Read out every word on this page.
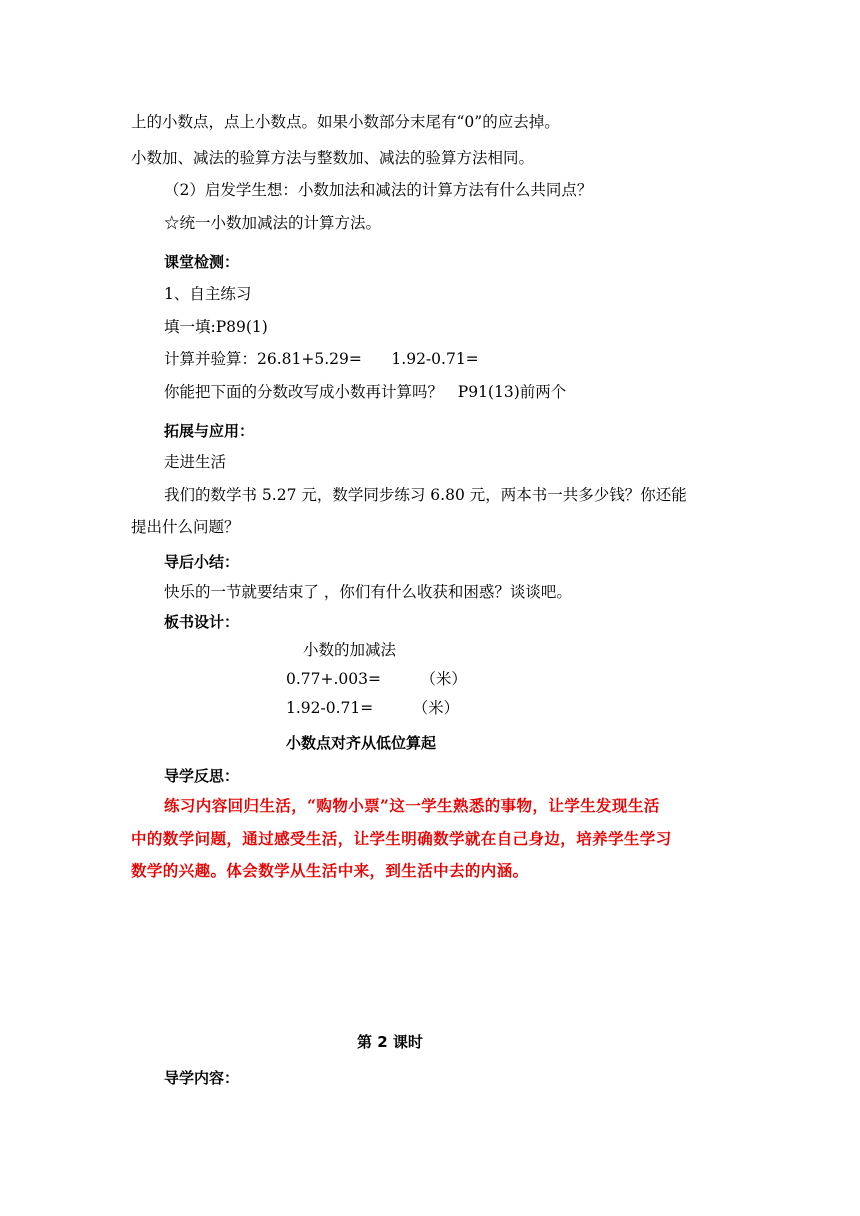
上的小数点，点上小数点。如果小数部分末尾有“0”的应去掉。
小数加、减法的验算方法与整数加、减法的验算方法相同。
（2）启发学生想：小数加法和减法的计算方法有什么共同点？
☆统一小数加减法的计算方法。
课堂检测：
1、自主练习
填一填:P89(1)
计算并验算：26.81+5.29=      1.92-0.71=
你能把下面的分数改写成小数再计算吗？   P91(13)前两个
拓展与应用：
走进生活
我们的数学书 5.27 元，数学同步练习 6.80 元，两本书一共多少钱？你还能
提出什么问题？
导后小结：
快乐的一节就要结束了 ，你们有什么收获和困惑？谈谈吧。
板书设计：
小数的加减法
0.77+.003=        （米）
1.92-0.71=        （米）
小数点对齐从低位算起
导学反思：
练习内容回归生活，“购物小票”这一学生熟悉的事物，让学生发现生活
中的数学问题，通过感受生活，让学生明确数学就在自己身边，培养学生学习
数学的兴趣。体会数学从生活中来，到生活中去的内涵。
第 2 课时
导学内容：
